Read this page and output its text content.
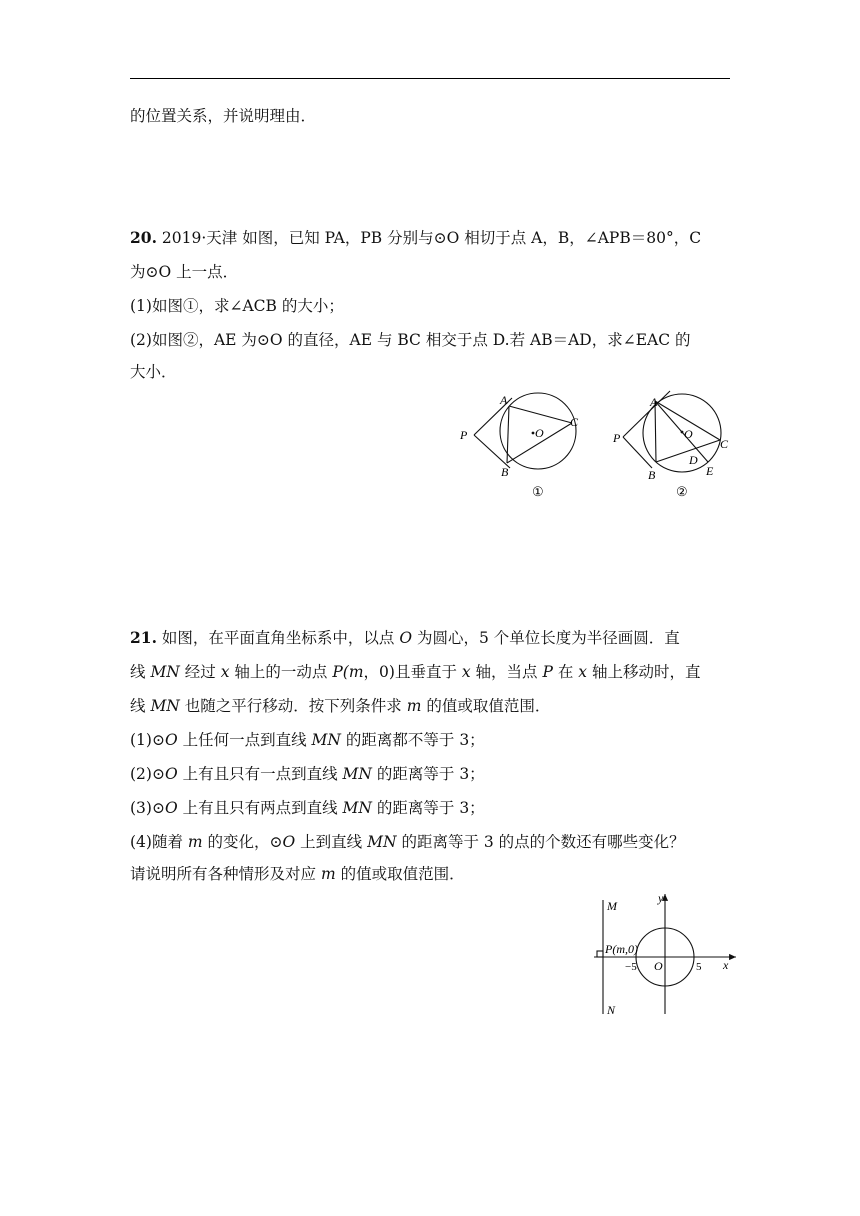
的位置关系，并说明理由．
20. 2019·天津 如图，已知 PA，PB 分别与⊙O 相切于点 A，B，∠APB＝80°，C
为⊙O 上一点．
(1)如图①，求∠ACB 的大小；
(2)如图②，AE 为⊙O 的直径，AE 与 BC 相交于点 D.若 AB＝AD，求∠EAC 的
大小．
P
A
B
C
O
①
P
A
B
C
O
D
E
②
21. 如图，在平面直角坐标系中，以点 O 为圆心，5 个单位长度为半径画圆．直
线 MN 经过 x 轴上的一动点 P(m，0)且垂直于 x 轴，当点 P 在 x 轴上移动时，直
线 MN 也随之平行移动．按下列条件求 m 的值或取值范围．
(1)⊙O 上任何一点到直线 MN 的距离都不等于 3；
(2)⊙O 上有且只有一点到直线 MN 的距离等于 3；
(3)⊙O 上有且只有两点到直线 MN 的距离等于 3；
(4)随着 m 的变化，⊙O 上到直线 MN 的距离等于 3 的点的个数还有哪些变化？
请说明所有各种情形及对应 m 的值或取值范围．
M
N
P(m,0)
−5 O	5 x
y
